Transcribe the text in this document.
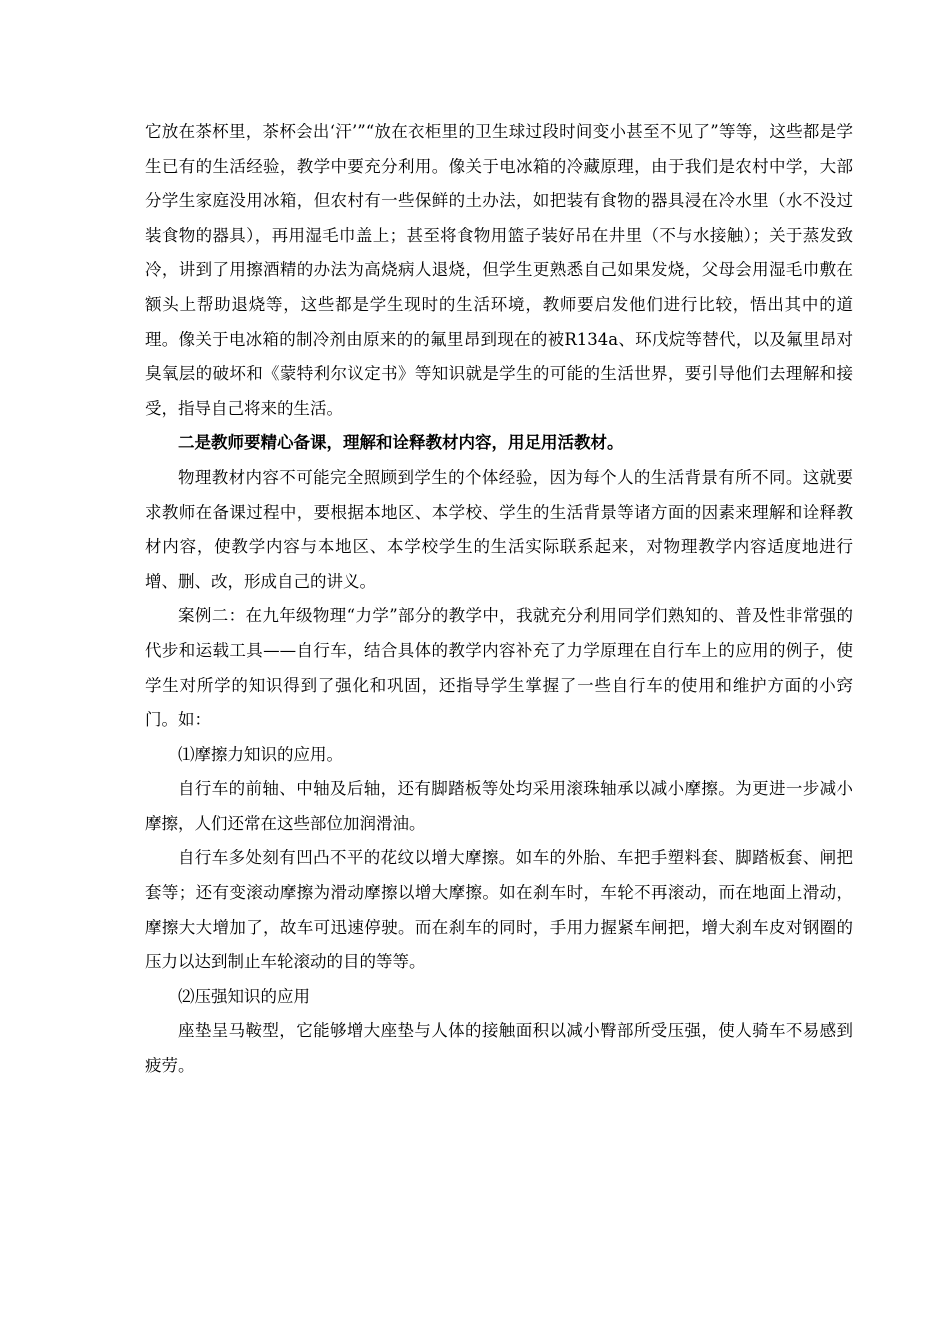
它放在茶杯里，茶杯会出‘汗’”“放在衣柜里的卫生球过段时间变小甚至不见了”等等，这些都是学生已有的生活经验，教学中要充分利用。像关于电冰箱的冷藏原理，由于我们是农村中学，大部分学生家庭没用冰箱，但农村有一些保鲜的土办法，如把装有食物的器具浸在冷水里（水不没过装食物的器具），再用湿毛巾盖上；甚至将食物用篮子装好吊在井里（不与水接触）；关于蒸发致冷，讲到了用擦酒精的办法为高烧病人退烧，但学生更熟悉自己如果发烧，父母会用湿毛巾敷在额头上帮助退烧等，这些都是学生现时的生活环境，教师要启发他们进行比较，悟出其中的道理。像关于电冰箱的制冷剂由原来的的氟里昂到现在的被R134a、环戊烷等替代，以及氟里昂对臭氧层的破坏和《蒙特利尔议定书》等知识就是学生的可能的生活世界，要引导他们去理解和接受，指导自己将来的生活。

二是教师要精心备课，理解和诠释教材内容，用足用活教材。

物理教材内容不可能完全照顾到学生的个体经验，因为每个人的生活背景有所不同。这就要求教师在备课过程中，要根据本地区、本学校、学生的生活背景等诸方面的因素来理解和诠释教材内容，使教学内容与本地区、本学校学生的生活实际联系起来，对物理教学内容适度地进行增、删、改，形成自己的讲义。

案例二：在九年级物理“力学”部分的教学中，我就充分利用同学们熟知的、普及性非常强的代步和运载工具——自行车，结合具体的教学内容补充了力学原理在自行车上的应用的例子，使学生对所学的知识得到了强化和巩固，还指导学生掌握了一些自行车的使用和维护方面的小窍门。如：

⑴摩擦力知识的应用。

自行车的前轴、中轴及后轴，还有脚踏板等处均采用滚珠轴承以减小摩擦。为更进一步减小摩擦，人们还常在这些部位加润滑油。

自行车多处刻有凹凸不平的花纹以增大摩擦。如车的外胎、车把手塑料套、脚踏板套、闸把套等；还有变滚动摩擦为滑动摩擦以增大摩擦。如在刹车时，车轮不再滚动，而在地面上滑动，摩擦大大增加了，故车可迅速停驶。而在刹车的同时，手用力握紧车闸把，增大刹车皮对钢圈的压力以达到制止车轮滚动的目的等等。

⑵压强知识的应用

座垫呈马鞍型，它能够增大座垫与人体的接触面积以减小臀部所受压强，使人骑车不易感到疲劳。
